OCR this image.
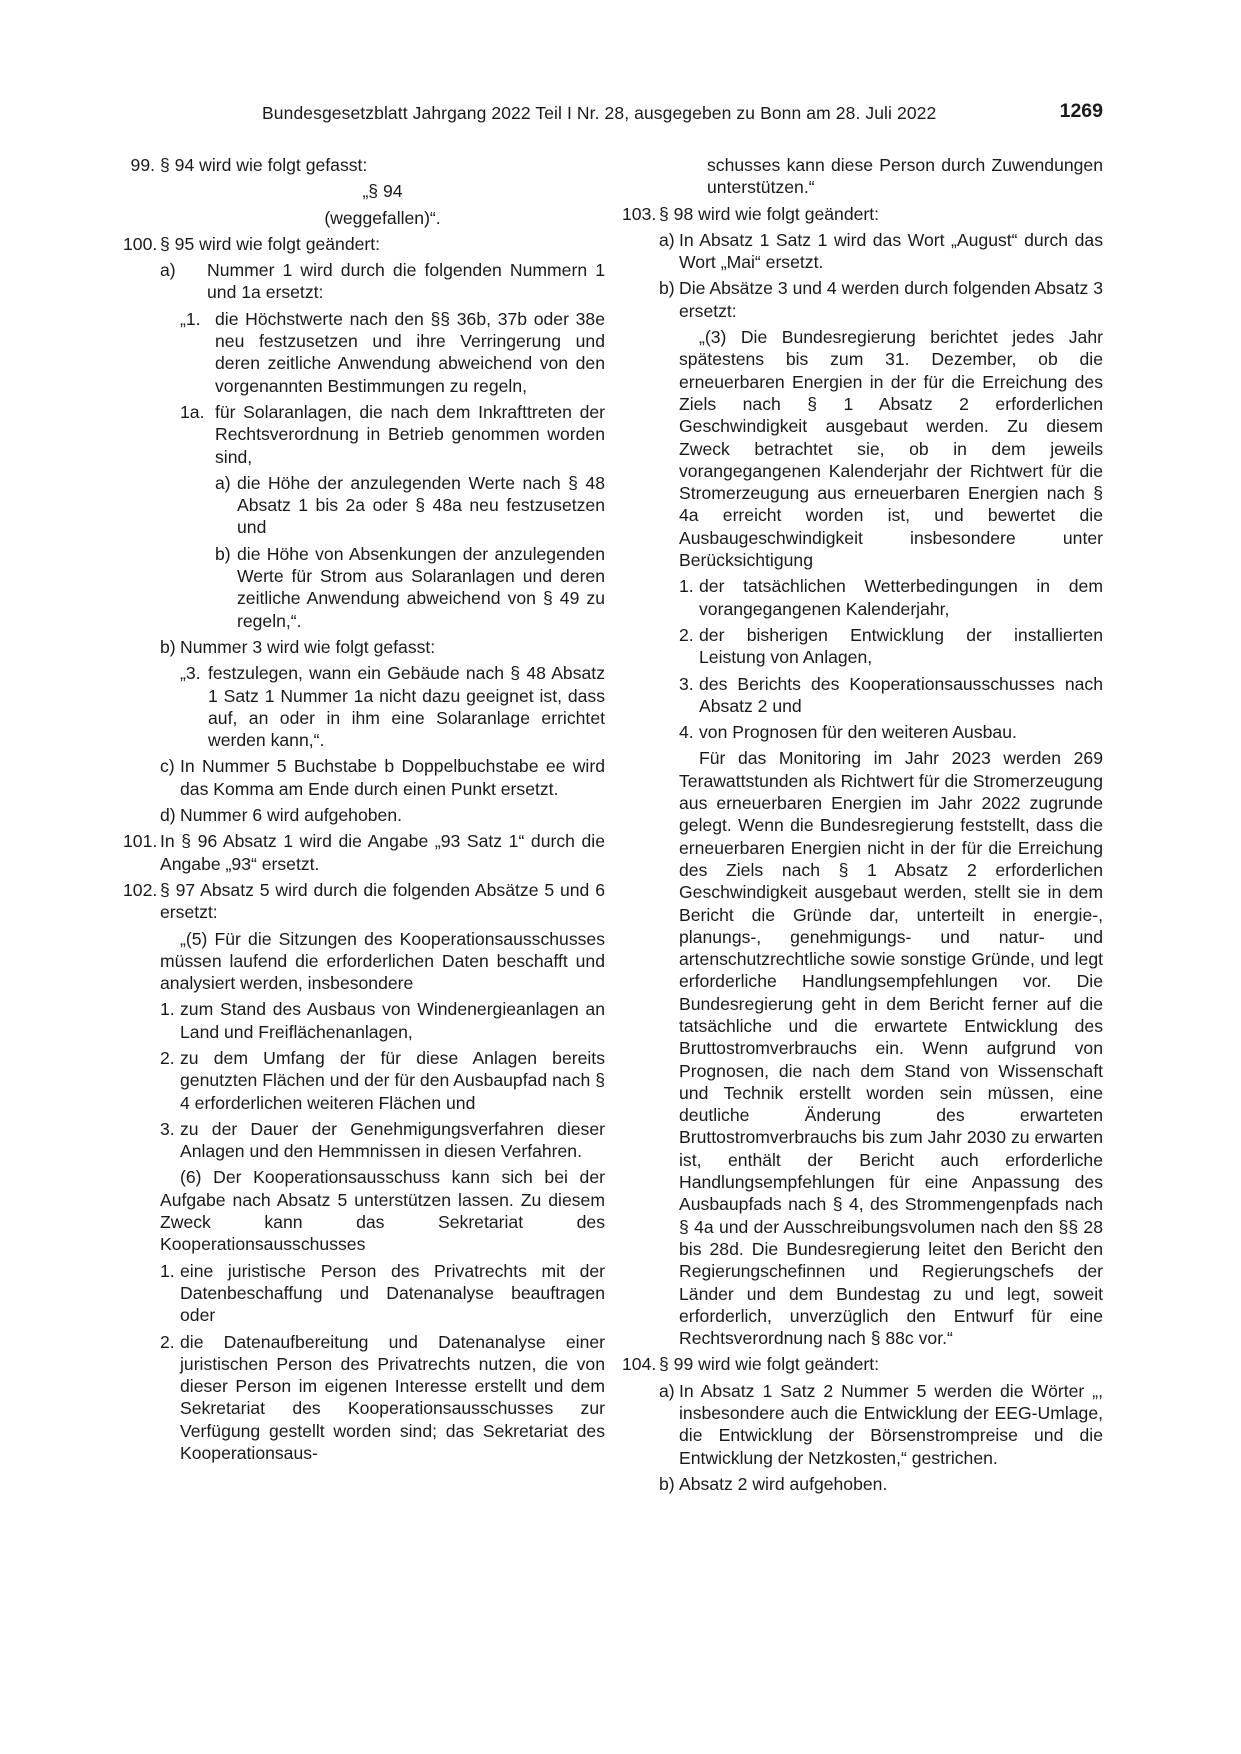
Bundesgesetzblatt Jahrgang 2022 Teil I Nr. 28, ausgegeben zu Bonn am 28. Juli 2022	1269
99. § 94 wird wie folgt gefasst:

„§ 94

(weggefallen)“.

100. § 95 wird wie folgt geändert:

a) Nummer 1 wird durch die folgenden Nummern 1 und 1a ersetzt:

„1. die Höchstwerte nach den §§ 36b, 37b oder 38e neu festzusetzen und ihre Verringerung und deren zeitliche Anwendung abweichend von den vorgenannten Bestimmungen zu regeln,

1a. für Solaranlagen, die nach dem Inkrafttreten der Rechtsverordnung in Betrieb genommen worden sind,

a) die Höhe der anzulegenden Werte nach § 48 Absatz 1 bis 2a oder § 48a neu festzusetzen und

b) die Höhe von Absenkungen der anzulegenden Werte für Strom aus Solaranlagen und deren zeitliche Anwendung abweichend von § 49 zu regeln,“.

b) Nummer 3 wird wie folgt gefasst:

„3. festzulegen, wann ein Gebäude nach § 48 Absatz 1 Satz 1 Nummer 1a nicht dazu geeignet ist, dass auf, an oder in ihm eine Solaranlage errichtet werden kann,“.

c) In Nummer 5 Buchstabe b Doppelbuchstabe ee wird das Komma am Ende durch einen Punkt ersetzt.

d) Nummer 6 wird aufgehoben.

101. In § 96 Absatz 1 wird die Angabe „93 Satz 1“ durch die Angabe „93“ ersetzt.

102. § 97 Absatz 5 wird durch die folgenden Absätze 5 und 6 ersetzt:

„(5) Für die Sitzungen des Kooperationsausschusses müssen laufend die erforderlichen Daten beschafft und analysiert werden, insbesondere

1. zum Stand des Ausbaus von Windenergieanlagen an Land und Freiflächenanlagen,

2. zu dem Umfang der für diese Anlagen bereits genutzten Flächen und der für den Ausbaupfad nach § 4 erforderlichen weiteren Flächen und

3. zu der Dauer der Genehmigungsverfahren dieser Anlagen und den Hemmnissen in diesen Verfahren.

(6) Der Kooperationsausschuss kann sich bei der Aufgabe nach Absatz 5 unterstützen lassen. Zu diesem Zweck kann das Sekretariat des Kooperationsausschusses

1. eine juristische Person des Privatrechts mit der Datenbeschaffung und Datenanalyse beauftragen oder

2. die Datenaufbereitung und Datenanalyse einer juristischen Person des Privatrechts nutzen, die von dieser Person im eigenen Interesse erstellt und dem Sekretariat des Kooperationsausschusses zur Verfügung gestellt worden sind; das Sekretariat des Kooperationsaus-

schusses kann diese Person durch Zuwendungen unterstützen.“

103. § 98 wird wie folgt geändert:

a) In Absatz 1 Satz 1 wird das Wort „August“ durch das Wort „Mai“ ersetzt.

b) Die Absätze 3 und 4 werden durch folgenden Absatz 3 ersetzt:

„(3) Die Bundesregierung berichtet jedes Jahr spätestens bis zum 31. Dezember, ob die erneuerbaren Energien in der für die Erreichung des Ziels nach § 1 Absatz 2 erforderlichen Geschwindigkeit ausgebaut werden. Zu diesem Zweck betrachtet sie, ob in dem jeweils vorangegangenen Kalenderjahr der Richtwert für die Stromerzeugung aus erneuerbaren Energien nach § 4a erreicht worden ist, und bewertet die Ausbaugeschwindigkeit insbesondere unter Berücksichtigung

1. der tatsächlichen Wetterbedingungen in dem vorangegangenen Kalenderjahr,

2. der bisherigen Entwicklung der installierten Leistung von Anlagen,

3. des Berichts des Kooperationsausschusses nach Absatz 2 und

4. von Prognosen für den weiteren Ausbau.

Für das Monitoring im Jahr 2023 werden 269 Terawattstunden als Richtwert für die Stromerzeugung aus erneuerbaren Energien im Jahr 2022 zugrunde gelegt. Wenn die Bundesregierung feststellt, dass die erneuerbaren Energien nicht in der für die Erreichung des Ziels nach § 1 Absatz 2 erforderlichen Geschwindigkeit ausgebaut werden, stellt sie in dem Bericht die Gründe dar, unterteilt in energie-, planungs-, genehmigungs- und natur- und artenschutzrechtliche sowie sonstige Gründe, und legt erforderliche Handlungsempfehlungen vor. Die Bundesregierung geht in dem Bericht ferner auf die tatsächliche und die erwartete Entwicklung des Bruttostromverbrauchs ein. Wenn aufgrund von Prognosen, die nach dem Stand von Wissenschaft und Technik erstellt worden sein müssen, eine deutliche Änderung des erwarteten Bruttostromverbrauchs bis zum Jahr 2030 zu erwarten ist, enthält der Bericht auch erforderliche Handlungsempfehlungen für eine Anpassung des Ausbaupfads nach § 4, des Strommengenpfads nach § 4a und der Ausschreibungsvolumen nach den §§ 28 bis 28d. Die Bundesregierung leitet den Bericht den Regierungschefinnen und Regierungschefs der Länder und dem Bundestag zu und legt, soweit erforderlich, unverzüglich den Entwurf für eine Rechtsverordnung nach § 88c vor.“

104. § 99 wird wie folgt geändert:

a) In Absatz 1 Satz 2 Nummer 5 werden die Wörter „, insbesondere auch die Entwicklung der EEG-Umlage, die Entwicklung der Börsenstrompreise und die Entwicklung der Netzkosten,“ gestrichen.

b) Absatz 2 wird aufgehoben.
